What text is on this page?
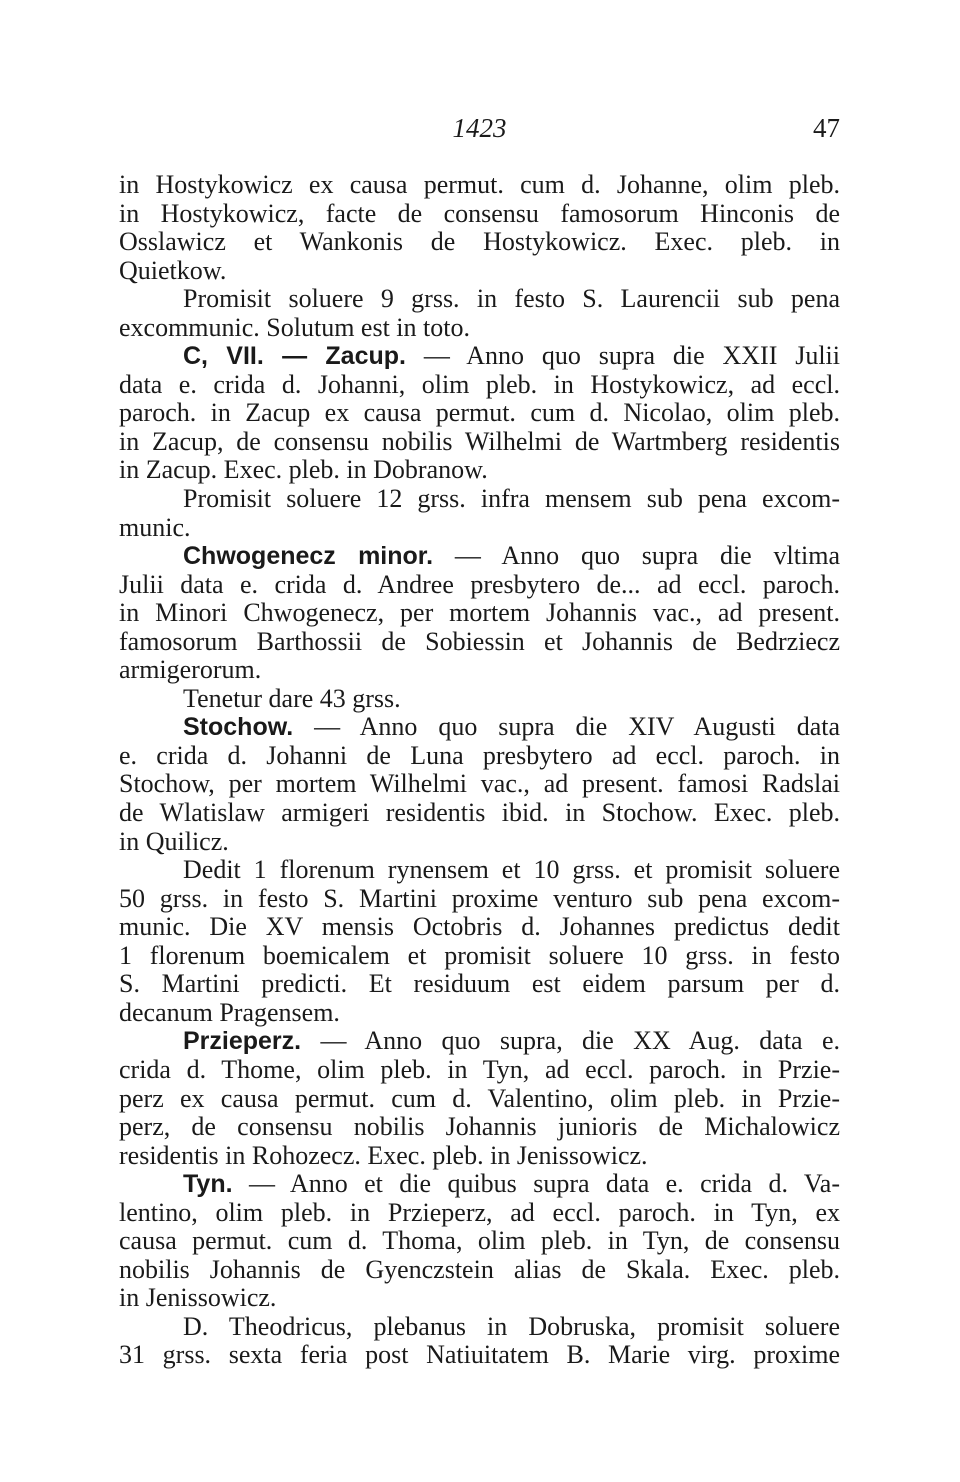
1423	47
in Hostykowicz ex causa permut. cum d. Johanne, olim pleb.
in Hostykowicz, facte de consensu famosorum Hinconis de
Osslawicz et Wankonis de Hostykowicz. Exec. pleb. in
Quietkow.
Promisit soluere 9 grss. in festo S. Laurencii sub pena
excommunic. Solutum est in toto.
C, VII. — Zacup. — Anno quo supra die XXII Julii
data e. crida d. Johanni, olim pleb. in Hostykowicz, ad eccl.
paroch. in Zacup ex causa permut. cum d. Nicolao, olim pleb.
in Zacup, de consensu nobilis Wilhelmi de Wartmberg residentis
in Zacup. Exec. pleb. in Dobranow.
Promisit soluere 12 grss. infra mensem sub pena excom-
munic.
Chwogenecz minor. — Anno quo supra die vltima
Julii data e. crida d. Andree presbytero de... ad eccl. paroch.
in Minori Chwogenecz, per mortem Johannis vac., ad present.
famosorum Barthossii de Sobiessin et Johannis de Bedrziecz
armigerorum.
Tenetur dare 43 grss.
Stochow. — Anno quo supra die XIV Augusti data
e. crida d. Johanni de Luna presbytero ad eccl. paroch. in
Stochow, per mortem Wilhelmi vac., ad present. famosi Radslai
de Wlatislaw armigeri residentis ibid. in Stochow. Exec. pleb.
in Quilicz.
Dedit 1 florenum rynensem et 10 grss. et promisit soluere
50 grss. in festo S. Martini proxime venturo sub pena excom-
munic. Die XV mensis Octobris d. Johannes predictus dedit
1 florenum boemicalem et promisit soluere 10 grss. in festo
S. Martini predicti. Et residuum est eidem parsum per d.
decanum Pragensem.
Przieperz. — Anno quo supra, die XX Aug. data e.
crida d. Thome, olim pleb. in Tyn, ad eccl. paroch. in Prziе-
perz ex causa permut. cum d. Valentino, olim pleb. in Prziе-
perz, de consensu nobilis Johannis junioris de Michalowicz
residentis in Rohozecz. Exec. pleb. in Jenissowicz.
Tyn. — Anno et die quibus supra data e. crida d. Va-
lentino, olim pleb. in Przieperz, ad eccl. paroch. in Tyn, ex
causa permut. cum d. Thoma, olim pleb. in Tyn, de consensu
nobilis Johannis de Gyenczstein alias de Skala. Exec. pleb.
in Jenissowicz.
D. Theodricus, plebanus in Dobruska, promisit soluere
31 grss. sexta feria post Natiuitatem B. Marie virg. proxime
